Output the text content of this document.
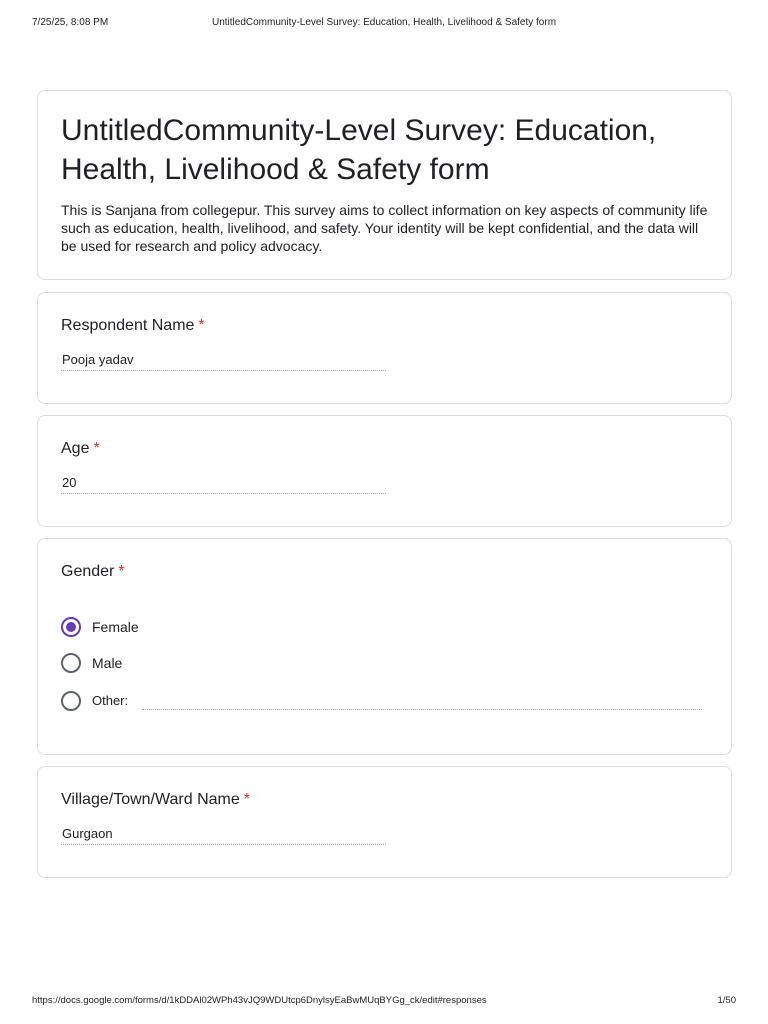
7/25/25, 8:08 PM	UntitledCommunity-Level Survey: Education, Health, Livelihood & Safety form
UntitledCommunity-Level Survey: Education, Health, Livelihood & Safety form
This is Sanjana from collegepur. This survey aims to collect information on key aspects of community life such as education, health, livelihood, and safety. Your identity will be kept confidential, and the data will be used for research and policy advocacy.
Respondent Name *
Pooja yadav
Age *
20
Gender *
Female
Male
Other:
Village/Town/Ward Name *
Gurgaon
https://docs.google.com/forms/d/1kDDAl02WPh43vJQ9WDUtcp6DnylsyEaBwMUqBYGg_ck/edit#responses	1/50
